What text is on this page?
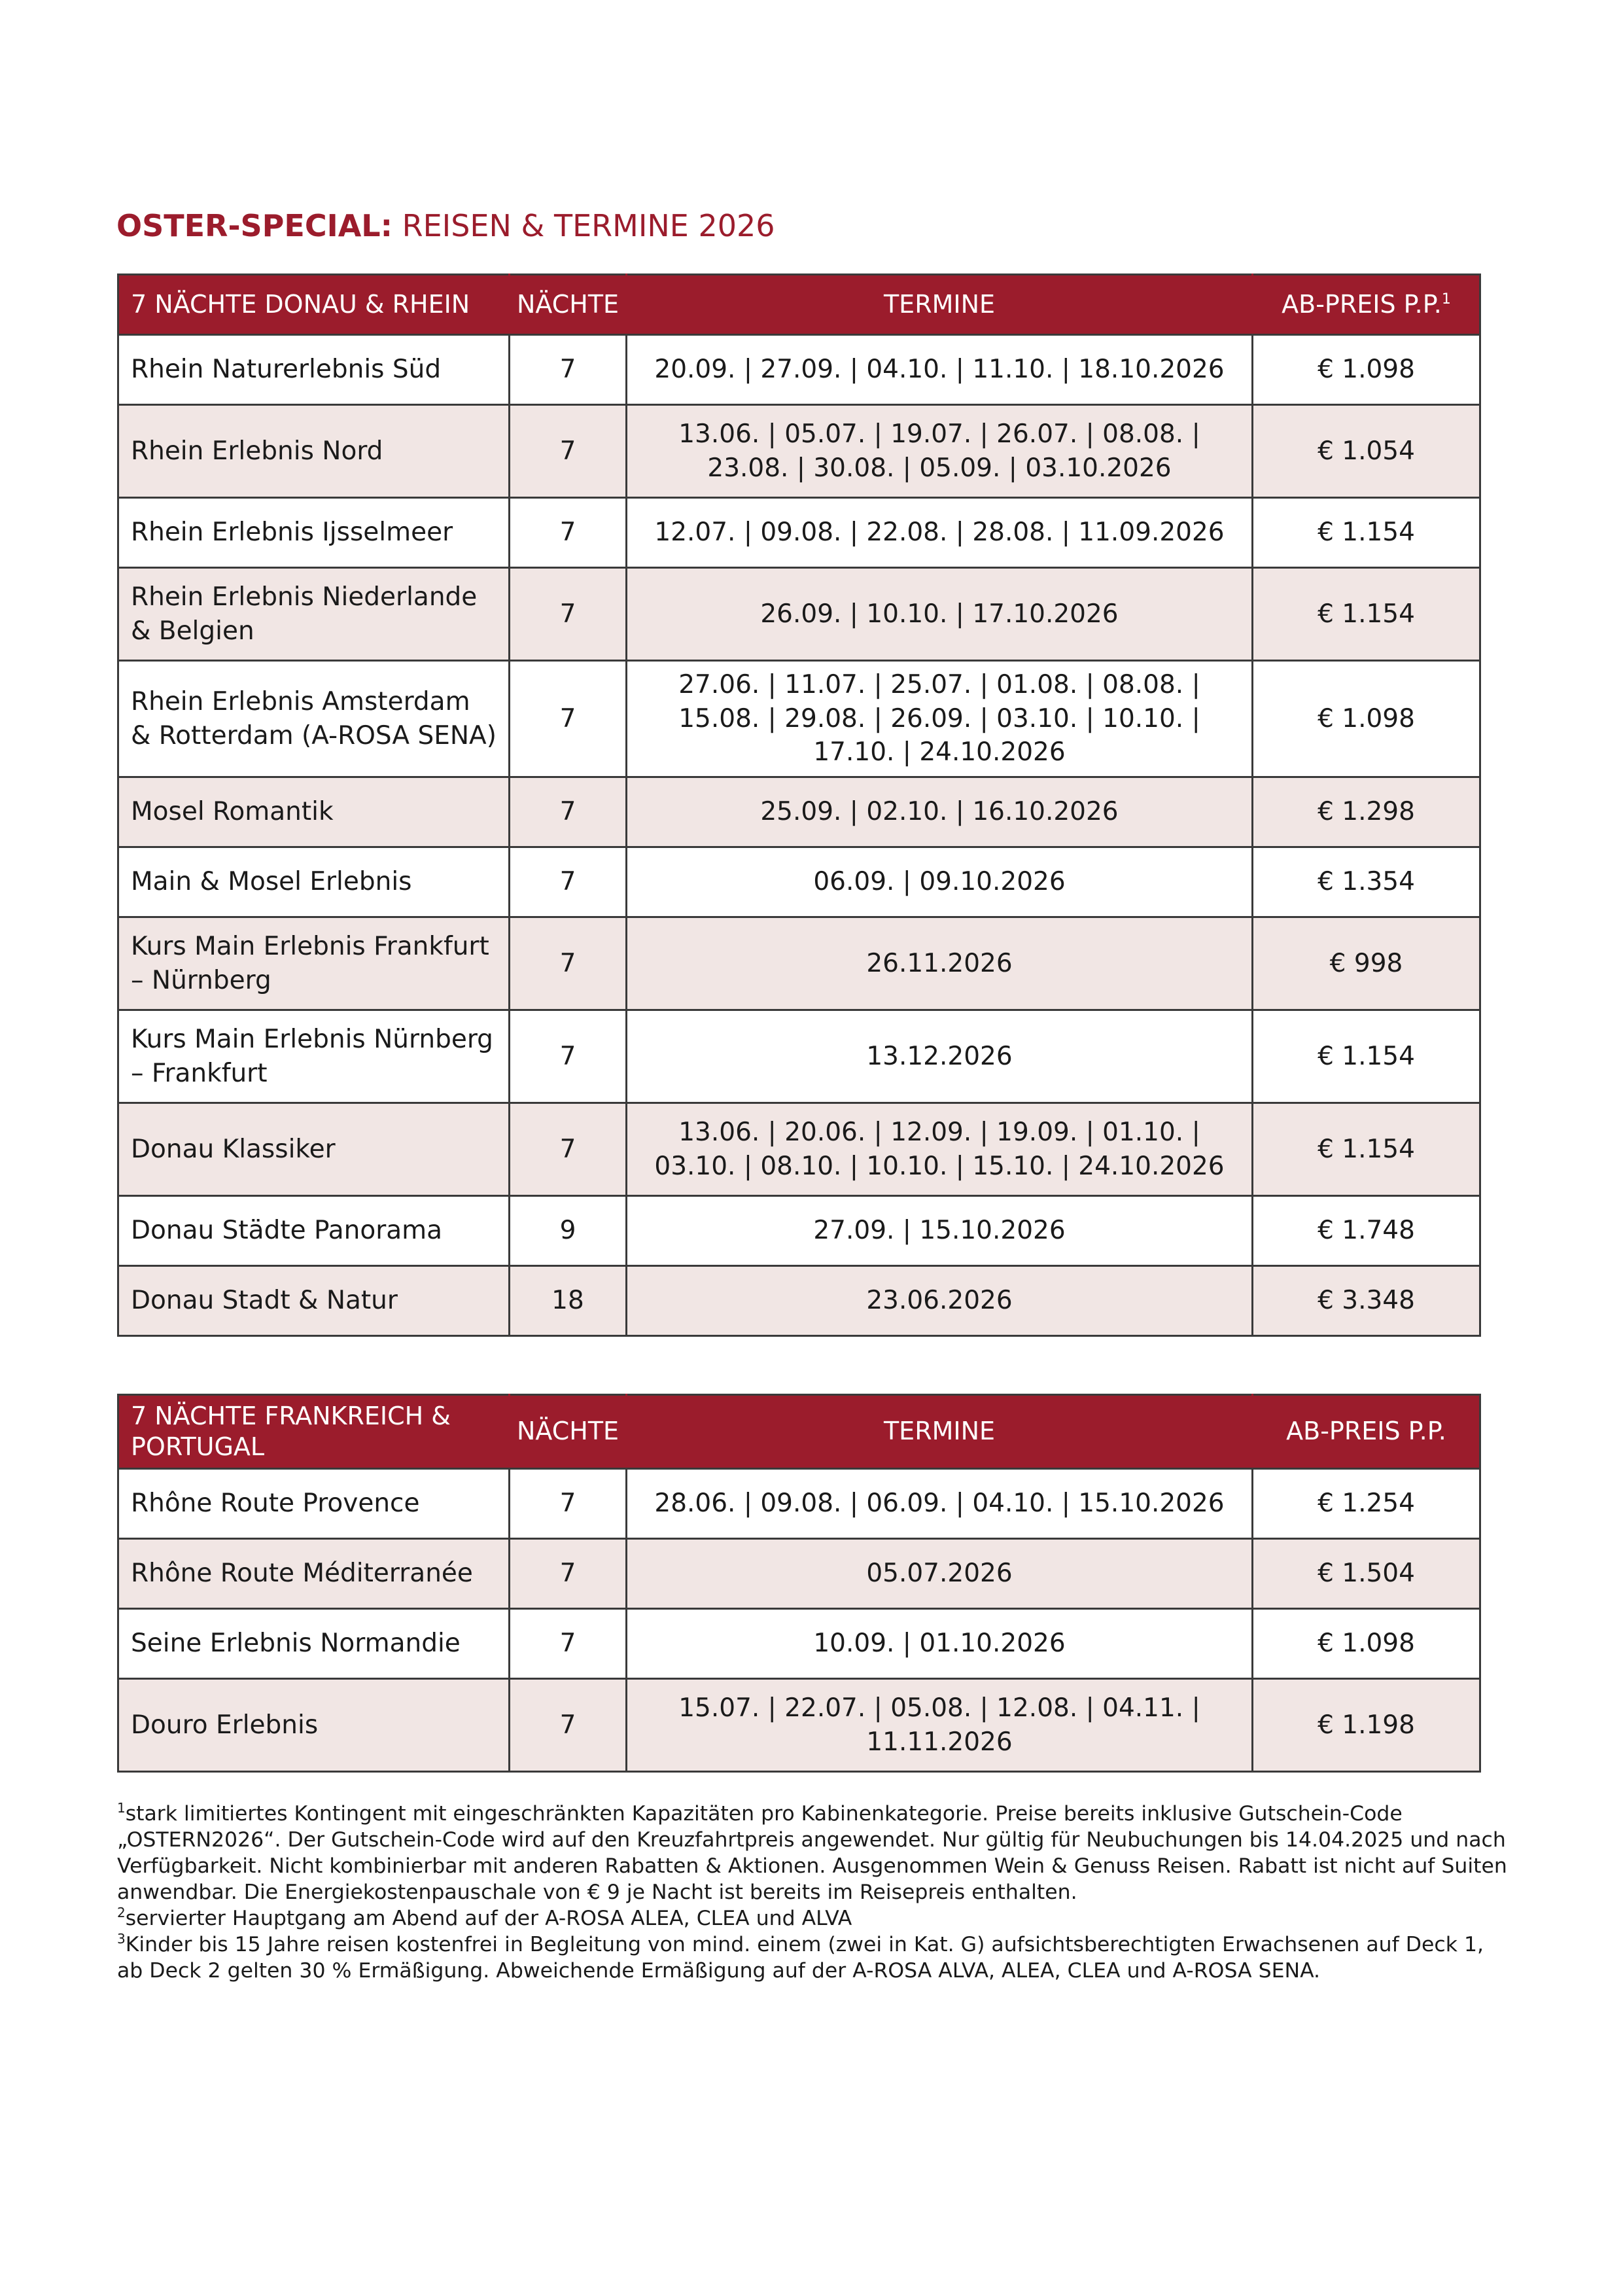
OSTER-SPECIAL: REISEN & TERMINE 2026
7 NÄCHTE DONAU & RHEIN	NÄCHTE	TERMINE	AB-PREIS P.P.$^1$
Rhein Naturerlebnis Süd	7	20.09. | 27.09. | 04.10. | 11.10. | 18.10.2026	€ 1.098
Rhein Erlebnis Nord	7	13.06. | 05.07. | 19.07. | 26.07. | 08.08. | 23.08. | 30.08. | 05.09. | 03.10.2026	€ 1.054
Rhein Erlebnis Ijsselmeer	7	12.07. | 09.08. | 22.08. | 28.08. | 11.09.2026	€ 1.154
Rhein Erlebnis Niederlande & Belgien	7	26.09. | 10.10. | 17.10.2026	€ 1.154
Rhein Erlebnis Amsterdam & Rotterdam (A-ROSA SENA)	7	27.06. | 11.07. | 25.07. | 01.08. | 08.08. | 15.08. | 29.08. | 26.09. | 03.10. | 10.10. | 17.10. | 24.10.2026	€ 1.098
Mosel Romantik	7	25.09. | 02.10. | 16.10.2026	€ 1.298
Main & Mosel Erlebnis	7	06.09. | 09.10.2026	€ 1.354
Kurs Main Erlebnis Frankfurt – Nürnberg	7	26.11.2026	€ 998
Kurs Main Erlebnis Nürnberg – Frankfurt	7	13.12.2026	€ 1.154
Donau Klassiker	7	13.06. | 20.06. | 12.09. | 19.09. | 01.10. | 03.10. | 08.10. | 10.10. | 15.10. | 24.10.2026	€ 1.154
Donau Städte Panorama	9	27.09. | 15.10.2026	€ 1.748
Donau Stadt & Natur	18	23.06.2026	€ 3.348
7 NÄCHTE FRANKREICH & PORTUGAL	NÄCHTE	TERMINE	AB-PREIS P.P.
Rhône Route Provence	7	28.06. | 09.08. | 06.09. | 04.10. | 15.10.2026	€ 1.254
Rhône Route Méditerranée	7	05.07.2026	€ 1.504
Seine Erlebnis Normandie	7	10.09. | 01.10.2026	€ 1.098
Douro Erlebnis	7	15.07. | 22.07. | 05.08. | 12.08. | 04.11. | 11.11.2026	€ 1.198

$^1$stark limitiertes Kontingent mit eingeschränkten Kapazitäten pro Kabinenkategorie. Preise bereits inklusive Gutschein-Code „OSTERN2026“. Der Gutschein-Code wird auf den Kreuzfahrtpreis angewendet. Nur gültig für Neubuchungen bis 14.04.2025 und nach Verfügbarkeit. Nicht kombinierbar mit anderen Rabatten & Aktionen. Ausgenommen Wein & Genuss Reisen. Rabatt ist nicht auf Suiten anwendbar. Die Energiekostenpauschale von € 9 je Nacht ist bereits im Reisepreis enthalten.

$^2$servierter Hauptgang am Abend auf der A-ROSA ALEA, CLEA und ALVA

$^3$Kinder bis 15 Jahre reisen kostenfrei in Begleitung von mind. einem (zwei in Kat. G) aufsichtsberechtigten Erwachsenen auf Deck 1, ab Deck 2 gelten 30 % Ermäßigung. Abweichende Ermäßigung auf der A-ROSA ALVA, ALEA, CLEA und A-ROSA SENA.
